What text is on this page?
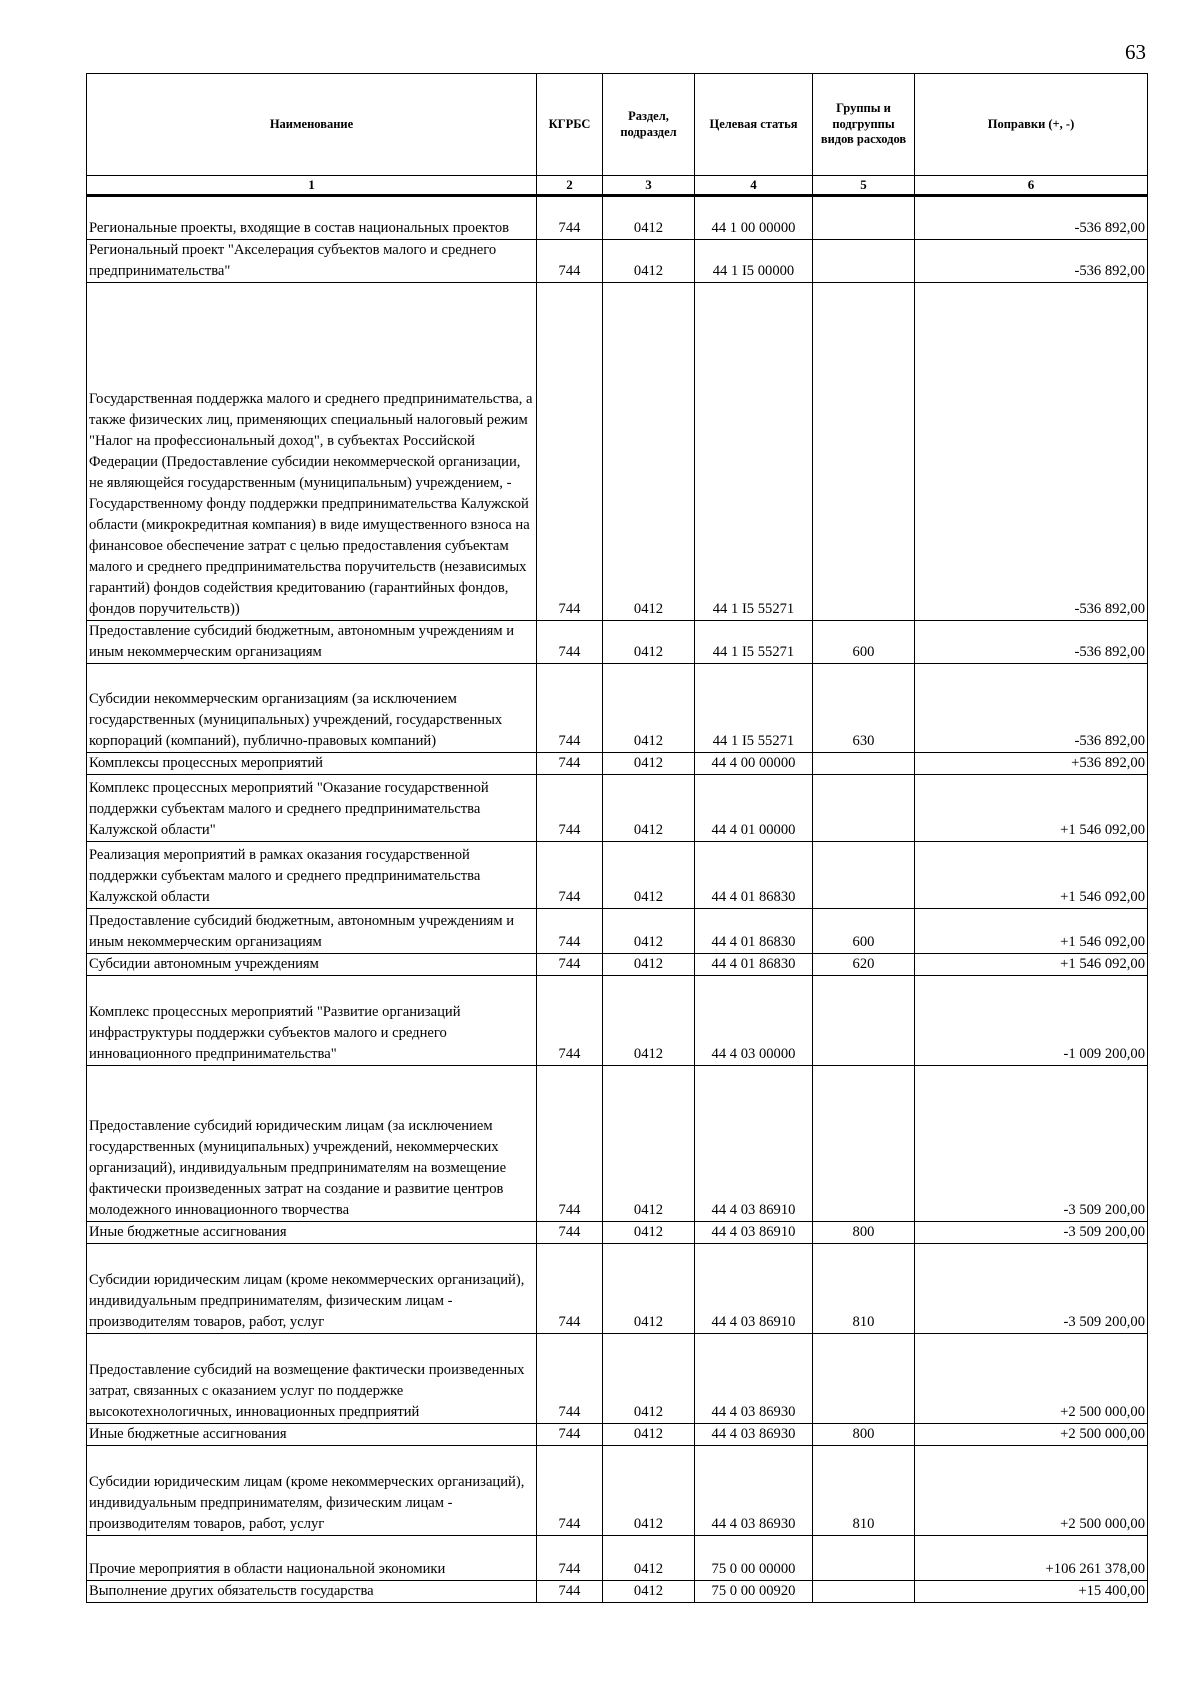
63
Наименование	КГРБС	Раздел, подраздел	Целевая статья	Группы и подгруппы видов расходов	Поправки (+, -)
1	2	3	4	5	6
Региональные проекты, входящие в состав национальных проектов	744	0412	44 1 00 00000		-536 892,00
Региональный проект "Акселерация субъектов малого и среднего предпринимательства"	744	0412	44 1 I5 00000		-536 892,00
Государственная поддержка малого и среднего предпринимательства, а также физических лиц, применяющих специальный налоговый режим "Налог на профессиональный доход", в субъектах Российской Федерации (Предоставление субсидии некоммерческой организации, не являющейся государственным (муниципальным) учреждением, - Государственному фонду поддержки предпринимательства Калужской области (микрокредитная компания) в виде имущественного взноса на финансовое обеспечение затрат с целью предоставления субъектам малого и среднего предпринимательства поручительств (независимых гарантий) фондов содействия кредитованию (гарантийных фондов, фондов поручительств))	744	0412	44 1 I5 55271		-536 892,00
Предоставление субсидий бюджетным, автономным учреждениям и иным некоммерческим организациям	744	0412	44 1 I5 55271	600	-536 892,00
Субсидии некоммерческим организациям (за исключением государственных (муниципальных) учреждений, государственных корпораций (компаний), публично-правовых компаний)	744	0412	44 1 I5 55271	630	-536 892,00
Комплексы процессных мероприятий	744	0412	44 4 00 00000		+536 892,00
Комплекс процессных мероприятий "Оказание государственной поддержки субъектам малого и среднего предпринимательства Калужской области"	744	0412	44 4 01 00000		+1 546 092,00
Реализация мероприятий в рамках оказания государственной поддержки субъектам малого и среднего предпринимательства Калужской области	744	0412	44 4 01 86830		+1 546 092,00
Предоставление субсидий бюджетным, автономным учреждениям и иным некоммерческим организациям	744	0412	44 4 01 86830	600	+1 546 092,00
Субсидии автономным учреждениям	744	0412	44 4 01 86830	620	+1 546 092,00
Комплекс процессных мероприятий "Развитие организаций инфраструктуры поддержки субъектов малого и среднего инновационного предпринимательства"	744	0412	44 4 03 00000		-1 009 200,00
Предоставление субсидий юридическим лицам (за исключением государственных (муниципальных) учреждений, некоммерческих организаций), индивидуальным предпринимателям на возмещение фактически произведенных затрат на создание и развитие центров молодежного инновационного творчества	744	0412	44 4 03 86910		-3 509 200,00
Иные бюджетные ассигнования	744	0412	44 4 03 86910	800	-3 509 200,00
Субсидии юридическим лицам (кроме некоммерческих организаций), индивидуальным предпринимателям, физическим лицам - производителям товаров, работ, услуг	744	0412	44 4 03 86910	810	-3 509 200,00
Предоставление субсидий на возмещение фактически произведенных затрат, связанных с оказанием услуг по поддержке высокотехнологичных, инновационных предприятий	744	0412	44 4 03 86930		+2 500 000,00
Иные бюджетные ассигнования	744	0412	44 4 03 86930	800	+2 500 000,00
Субсидии юридическим лицам (кроме некоммерческих организаций), индивидуальным предпринимателям, физическим лицам - производителям товаров, работ, услуг	744	0412	44 4 03 86930	810	+2 500 000,00
Прочие мероприятия в области национальной экономики	744	0412	75 0 00 00000		+106 261 378,00
Выполнение других обязательств государства	744	0412	75 0 00 00920		+15 400,00
